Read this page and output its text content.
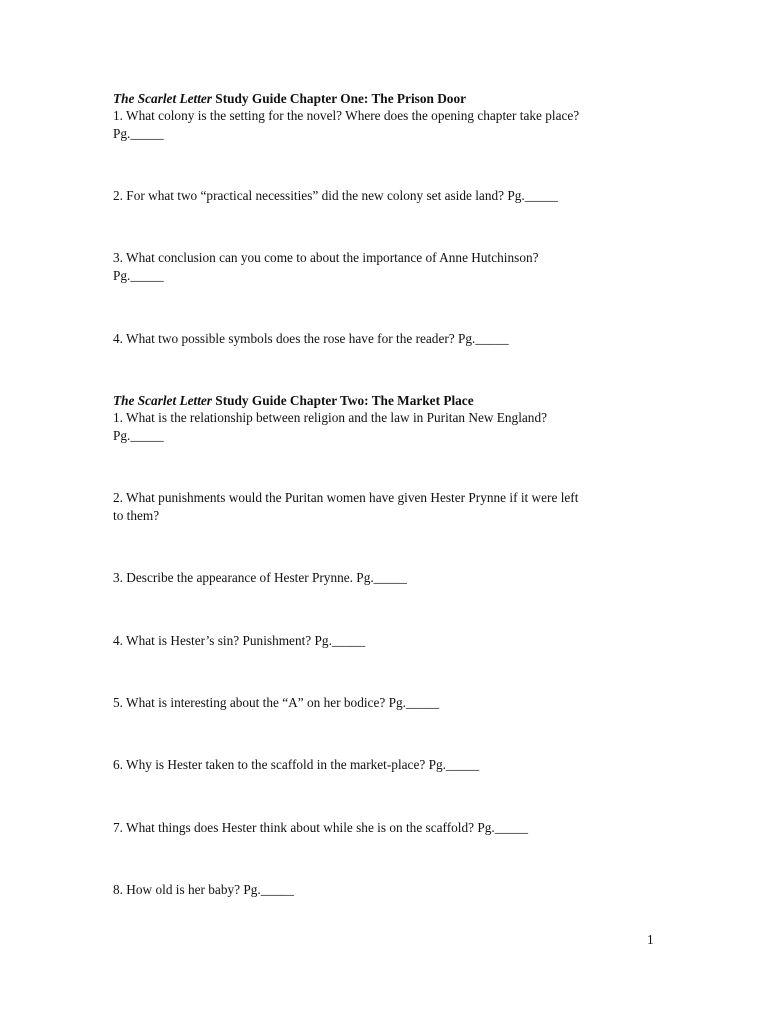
The Scarlet Letter Study Guide Chapter One: The Prison Door
1. What colony is the setting for the novel? Where does the opening chapter take place?
Pg._____
2. For what two “practical necessities” did the new colony set aside land? Pg._____
3. What conclusion can you come to about the importance of Anne Hutchinson?
Pg._____
4. What two possible symbols does the rose have for the reader? Pg._____
The Scarlet Letter Study Guide Chapter Two: The Market Place
1. What is the relationship between religion and the law in Puritan New England?
Pg._____
2. What punishments would the Puritan women have given Hester Prynne if it were left
to them?
3. Describe the appearance of Hester Prynne. Pg._____
4. What is Hester’s sin? Punishment? Pg._____
5. What is interesting about the “A” on her bodice? Pg._____
6. Why is Hester taken to the scaffold in the market-place? Pg._____
7. What things does Hester think about while she is on the scaffold? Pg._____
8. How old is her baby? Pg._____
1
